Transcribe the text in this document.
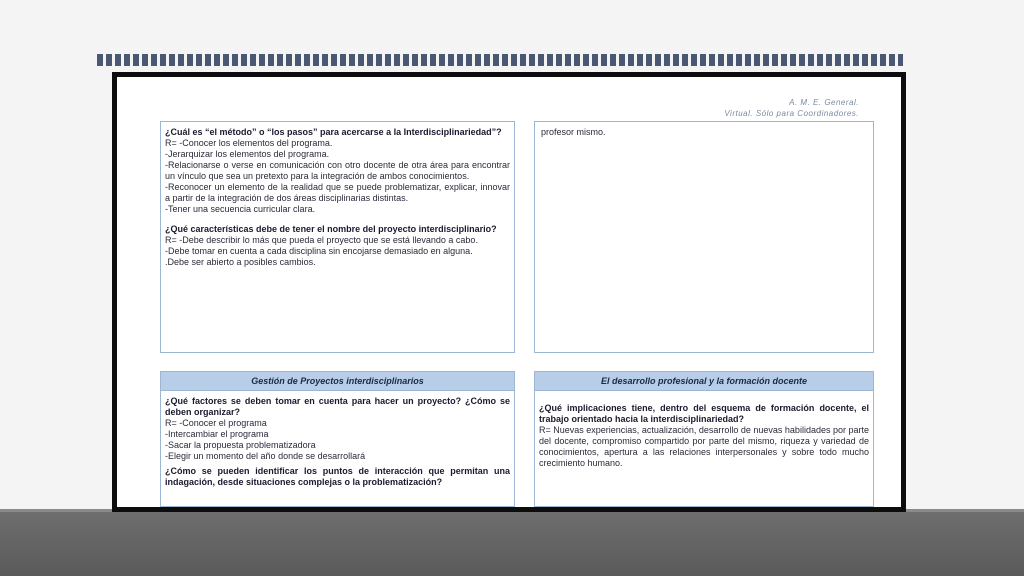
A. M. E. General.
Virtual. Sólo para Coordinadores.
¿Cuál es “el método” o “los pasos” para acercarse a la Interdisciplinariedad”?
R= -Conocer los elementos del programa.
-Jerarquizar los elementos del programa.
-Relacionarse o verse en comunicación con otro docente de otra área para encontrar un vínculo que sea un pretexto para la integración de ambos conocimientos.
-Reconocer un elemento de la realidad que se puede problematizar, explicar, innovar a partir de la integración de dos áreas disciplinarias distintas.
-Tener una secuencia curricular clara.
¿Qué características debe de tener el nombre del proyecto interdisciplinario?
R= -Debe describir lo más que pueda el proyecto que se está llevando a cabo.
-Debe tomar en cuenta a cada disciplina sin encojarse demasiado en alguna.
.Debe ser abierto a posibles cambios.
profesor mismo.
Gestión de Proyectos interdisciplinarios
¿Qué factores se deben tomar en cuenta para hacer un proyecto? ¿Cómo se deben organizar?
R= -Conocer el programa
-Intercambiar el programa
-Sacar la propuesta problematizadora
-Elegir un momento del año donde se desarrollará
¿Cómo se pueden identificar los puntos de interacción que permitan una indagación, desde situaciones complejas o la problematización?
El desarrollo profesional y la formación docente
¿Qué implicaciones tiene, dentro del esquema de formación docente, el trabajo orientado hacia la interdisciplinariedad?
R= Nuevas experiencias, actualización, desarrollo de nuevas habilidades por parte del docente, compromiso compartido por parte del mismo, riqueza y variedad de conocimientos, apertura a las relaciones interpersonales y sobre todo mucho crecimiento humano.
